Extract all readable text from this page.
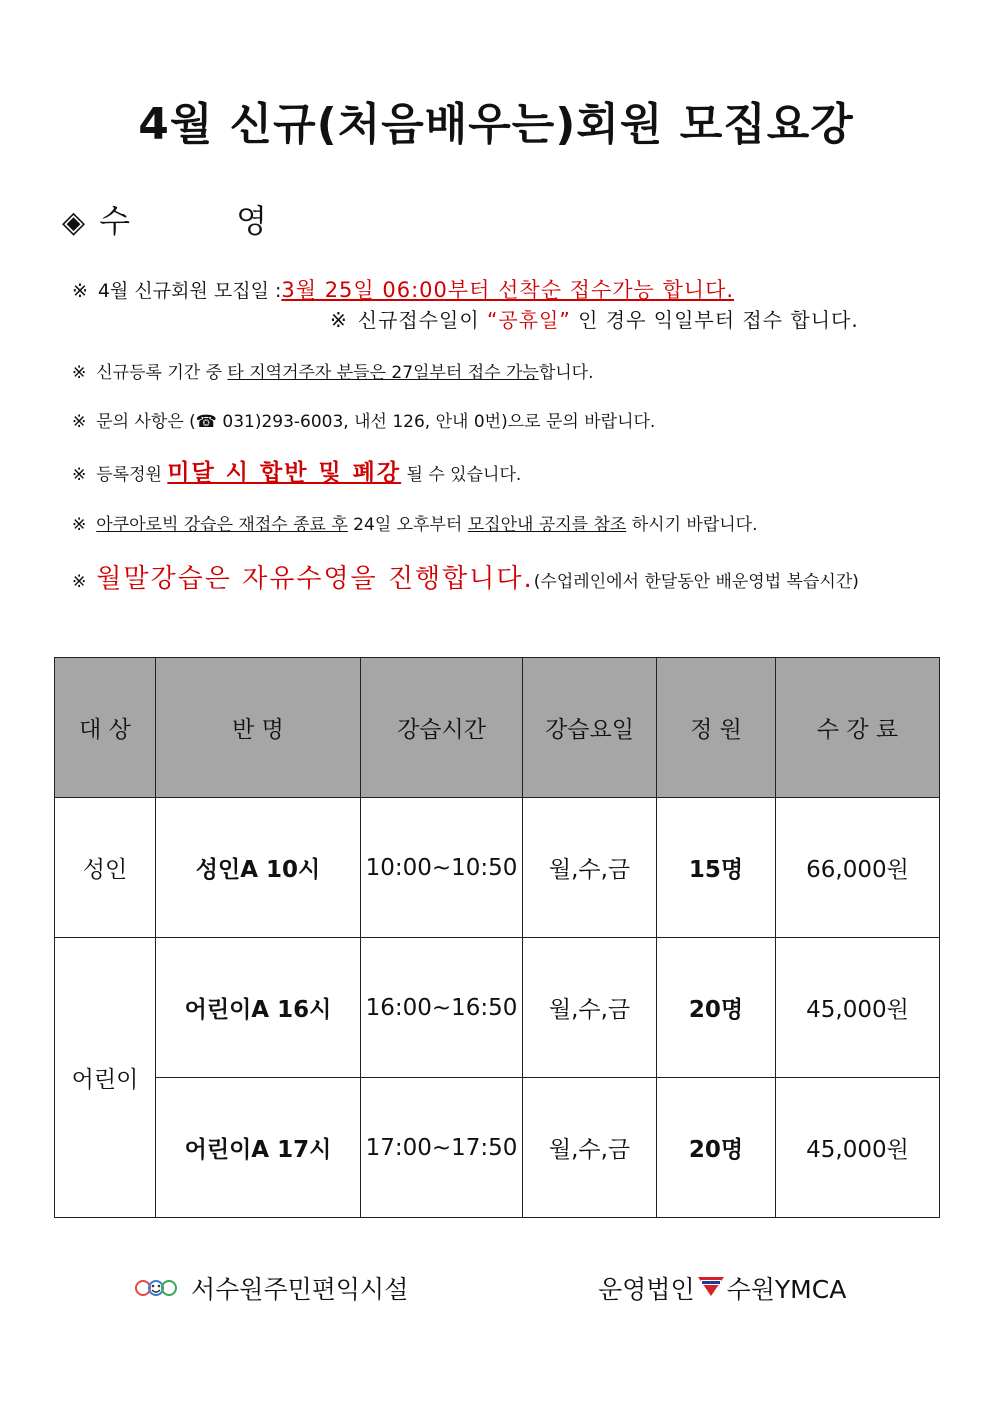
4월 신규(처음배우는)회원 모집요강
◈ 수 영
※ 4월 신규회원 모집일 :3월 25일 06:00부터 선착순 접수가능 합니다.
※ 신규접수일이 “공휴일” 인 경우 익일부터 접수 합니다.
※ 신규등록 기간 중 타 지역거주자 분들은 27일부터 접수 가능합니다.
※ 문의 사항은 (☎ 031)293-6003, 내선 126, 안내 0번)으로 문의 바랍니다.
※ 등록정원 미달 시 합반 및 폐강 될 수 있습니다.
※ 아쿠아로빅 강습은 재접수 종료 후 24일 오후부터 모집안내 공지를 참조 하시기 바랍니다.
※ 월말강습은 자유수영을 진행합니다.(수업레인에서 한달동안 배운영법 복습시간)
대 상	반 명	강습시간	강습요일	정 원	수 강 료
성인	성인A 10시	10:00~10:50	월,수,금	15명	66,000원
어린이	어린이A 16시	16:00~16:50	월,수,금	20명	45,000원
	어린이A 17시	17:00~17:50	월,수,금	20명	45,000원
서수원주민편익시설	운영법인 수원YMCA
